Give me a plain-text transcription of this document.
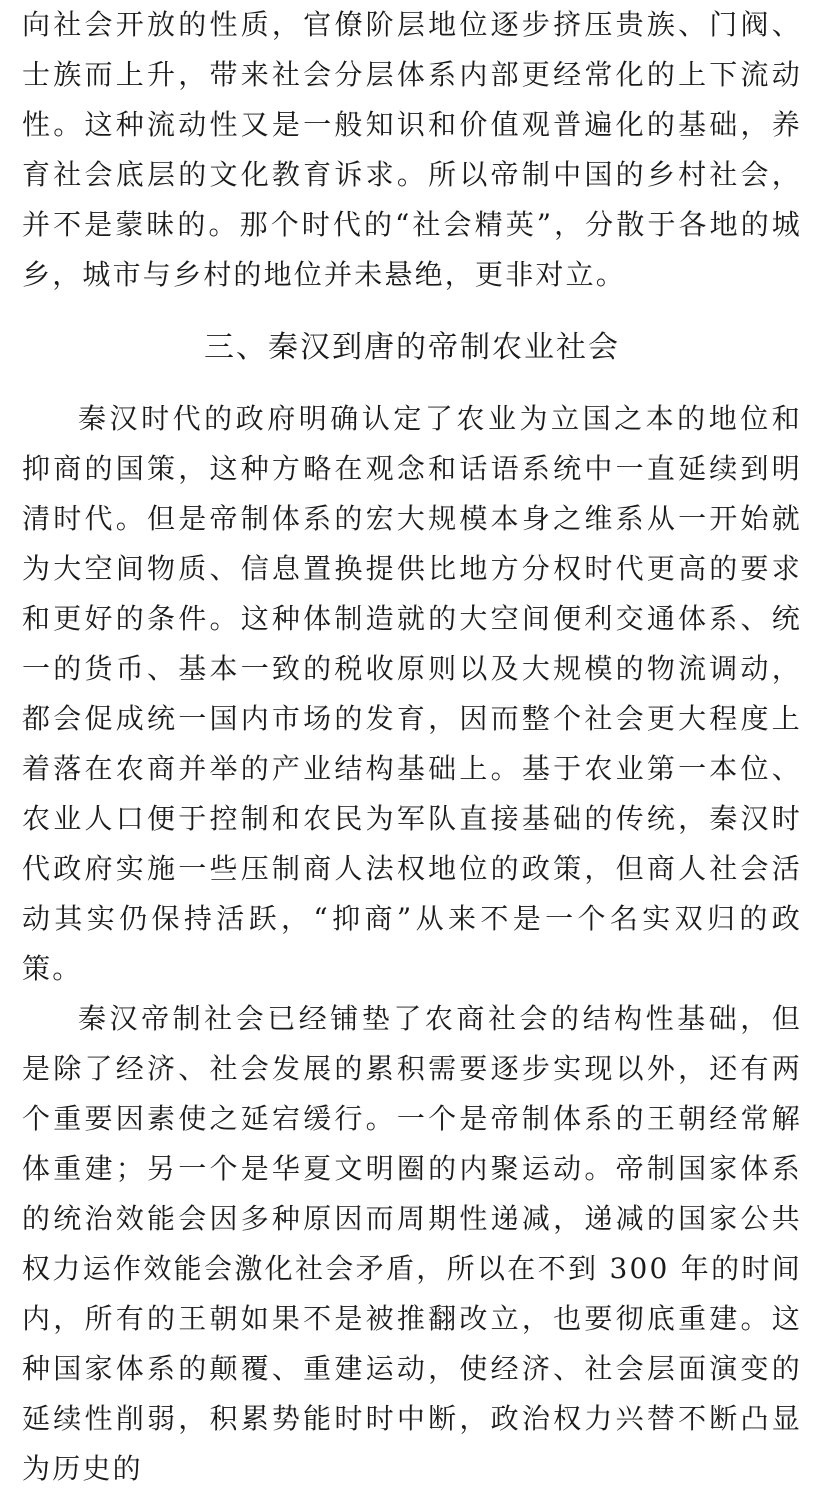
向社会开放的性质，官僚阶层地位逐步挤压贵族、门阀、士族而上升，带来社会分层体系内部更经常化的上下流动性。这种流动性又是一般知识和价值观普遍化的基础，养育社会底层的文化教育诉求。所以帝制中国的乡村社会，并不是蒙昧的。那个时代的“社会精英”，分散于各地的城乡，城市与乡村的地位并未悬绝，更非对立。

三、秦汉到唐的帝制农业社会

秦汉时代的政府明确认定了农业为立国之本的地位和抑商的国策，这种方略在观念和话语系统中一直延续到明清时代。但是帝制体系的宏大规模本身之维系从一开始就为大空间物质、信息置换提供比地方分权时代更高的要求和更好的条件。这种体制造就的大空间便利交通体系、统一的货币、基本一致的税收原则以及大规模的物流调动，都会促成统一国内市场的发育，因而整个社会更大程度上着落在农商并举的产业结构基础上。基于农业第一本位、农业人口便于控制和农民为军队直接基础的传统，秦汉时代政府实施一些压制商人法权地位的政策，但商人社会活动其实仍保持活跃，“抑商”从来不是一个名实双归的政策。

秦汉帝制社会已经铺垫了农商社会的结构性基础，但是除了经济、社会发展的累积需要逐步实现以外，还有两个重要因素使之延宕缓行。一个是帝制体系的王朝经常解体重建；另一个是华夏文明圈的内聚运动。帝制国家体系的统治效能会因多种原因而周期性递减，递减的国家公共权力运作效能会激化社会矛盾，所以在不到 300 年的时间内，所有的王朝如果不是被推翻改立，也要彻底重建。这种国家体系的颠覆、重建运动，使经济、社会层面演变的延续性削弱，积累势能时时中断，政治权力兴替不断凸显为历史的
